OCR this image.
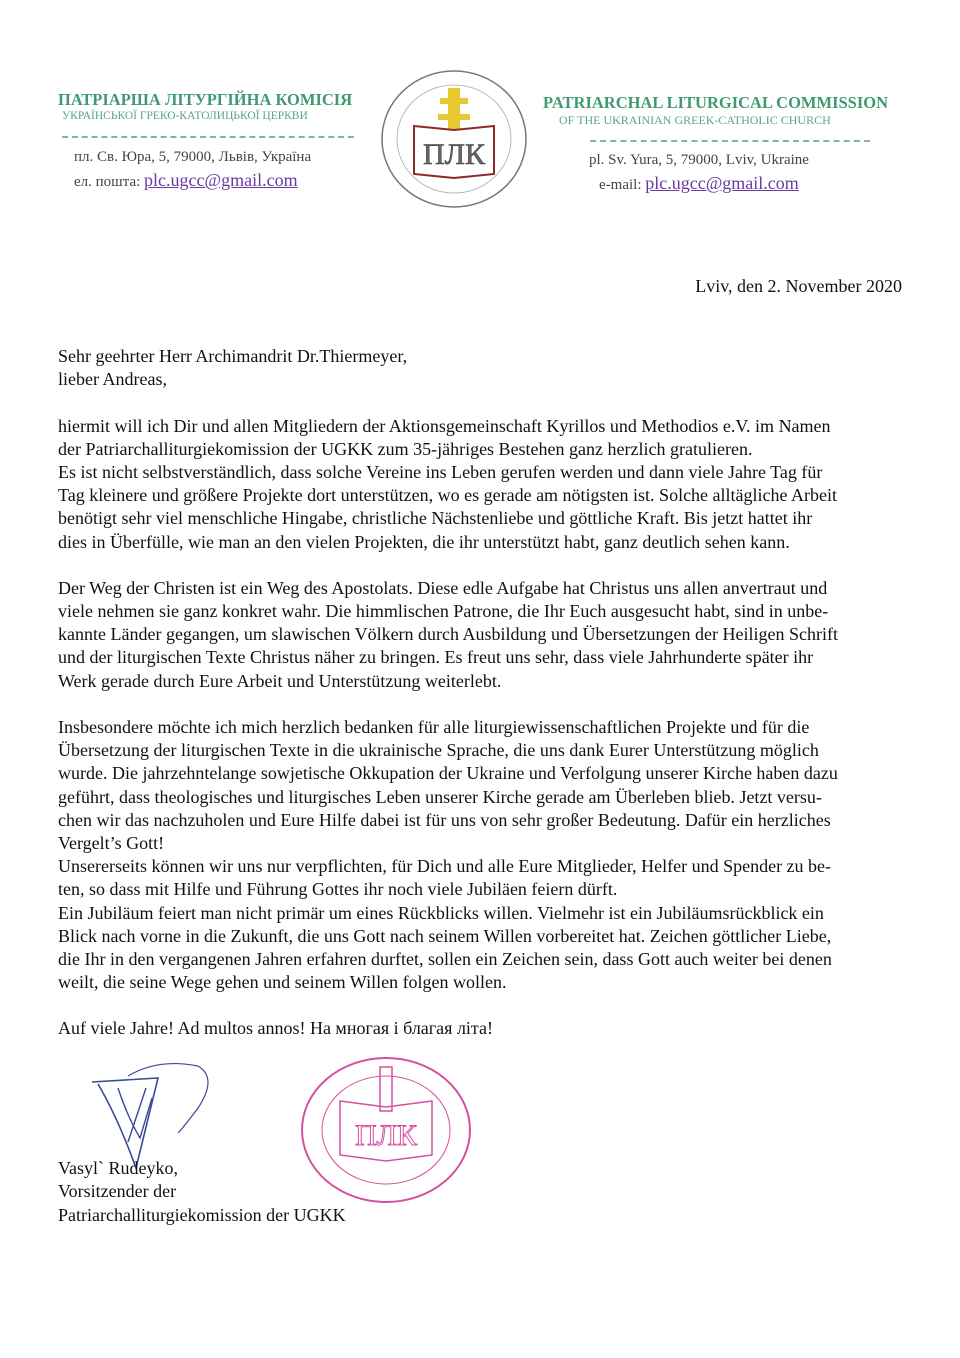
ПАТРІАРША ЛІТУРГІЙНА КОМІСІЯ
УКРАЇНСЬКОЇ ГРЕКО-КАТОЛИЦЬКОЇ ЦЕРКВИ
пл. Св. Юра, 5, 79000, Львів, Україна
ел. пошта: plc.ugcc@gmail.com
ПЛК
PATRIARCHAL LITURGICAL COMMISSION
OF THE UKRAINIAN GREEK-CATHOLIC CHURCH
pl. Sv. Yura, 5, 79000, Lviv, Ukraine
e-mail: plc.ugcc@gmail.com
Lviv, den 2. November 2020
Sehr geehrter Herr Archimandrit Dr.Thiermeyer,
lieber Andreas,
hiermit will ich Dir und allen Mitgliedern der Aktionsgemeinschaft Kyrillos und Methodios e.V. im Namen
der Patriarchalliturgiekomission der UGKK zum 35-jähriges Bestehen ganz herzlich gratulieren.
Es ist nicht selbstverständlich, dass solche Vereine ins Leben gerufen werden und dann viele Jahre Tag für
Tag kleinere und größere Projekte dort unterstützen, wo es gerade am nötigsten ist. Solche alltägliche Arbeit
benötigt sehr viel menschliche Hingabe, christliche Nächstenliebe und göttliche Kraft. Bis jetzt hattet ihr
dies in Überfülle, wie man an den vielen Projekten, die ihr unterstützt habt, ganz deutlich sehen kann.
Der Weg der Christen ist ein Weg des Apostolats. Diese edle Aufgabe hat Christus uns allen anvertraut und
viele nehmen sie ganz konkret wahr. Die himmlischen Patrone, die Ihr Euch ausgesucht habt, sind in unbe-
kannte Länder gegangen, um slawischen Völkern durch Ausbildung und Übersetzungen der Heiligen Schrift
und der liturgischen Texte Christus näher zu bringen. Es freut uns sehr, dass viele Jahrhunderte später ihr
Werk gerade durch Eure Arbeit und Unterstützung weiterlebt.
Insbesondere möchte ich mich herzlich bedanken für alle liturgiewissenschaftlichen Projekte und für die
Übersetzung der liturgischen Texte in die ukrainische Sprache, die uns dank Eurer Unterstützung möglich
wurde. Die jahrzehntelange sowjetische Okkupation der Ukraine und Verfolgung unserer Kirche haben dazu
geführt, dass theologisches und liturgisches Leben unserer Kirche gerade am Überleben blieb. Jetzt versu-
chen wir das nachzuholen und Eure Hilfe dabei ist für uns von sehr großer Bedeutung. Dafür ein herzliches
Vergelt’s Gott!
Unsererseits können wir uns nur verpflichten, für Dich und alle Eure Mitglieder, Helfer und Spender zu be-
ten, so dass mit Hilfe und Führung Gottes ihr noch viele Jubiläen feiern dürft.
Ein Jubiläum feiert man nicht primär um eines Rückblicks willen. Vielmehr ist ein Jubiläumsrückblick ein
Blick nach vorne in die Zukunft, die uns Gott nach seinem Willen vorbereitet hat. Zeichen göttlicher Liebe,
die Ihr in den vergangenen Jahren erfahren durftet, sollen ein Zeichen sein, dass Gott auch weiter bei denen
weilt, die seine Wege gehen und seinem Willen folgen wollen.
Auf viele Jahre! Ad multos annos! На многая і благая літа!
ПЛК
Vasyl` Rudeyko,
Vorsitzender der
Patriarchalliturgiekomission der UGKK
